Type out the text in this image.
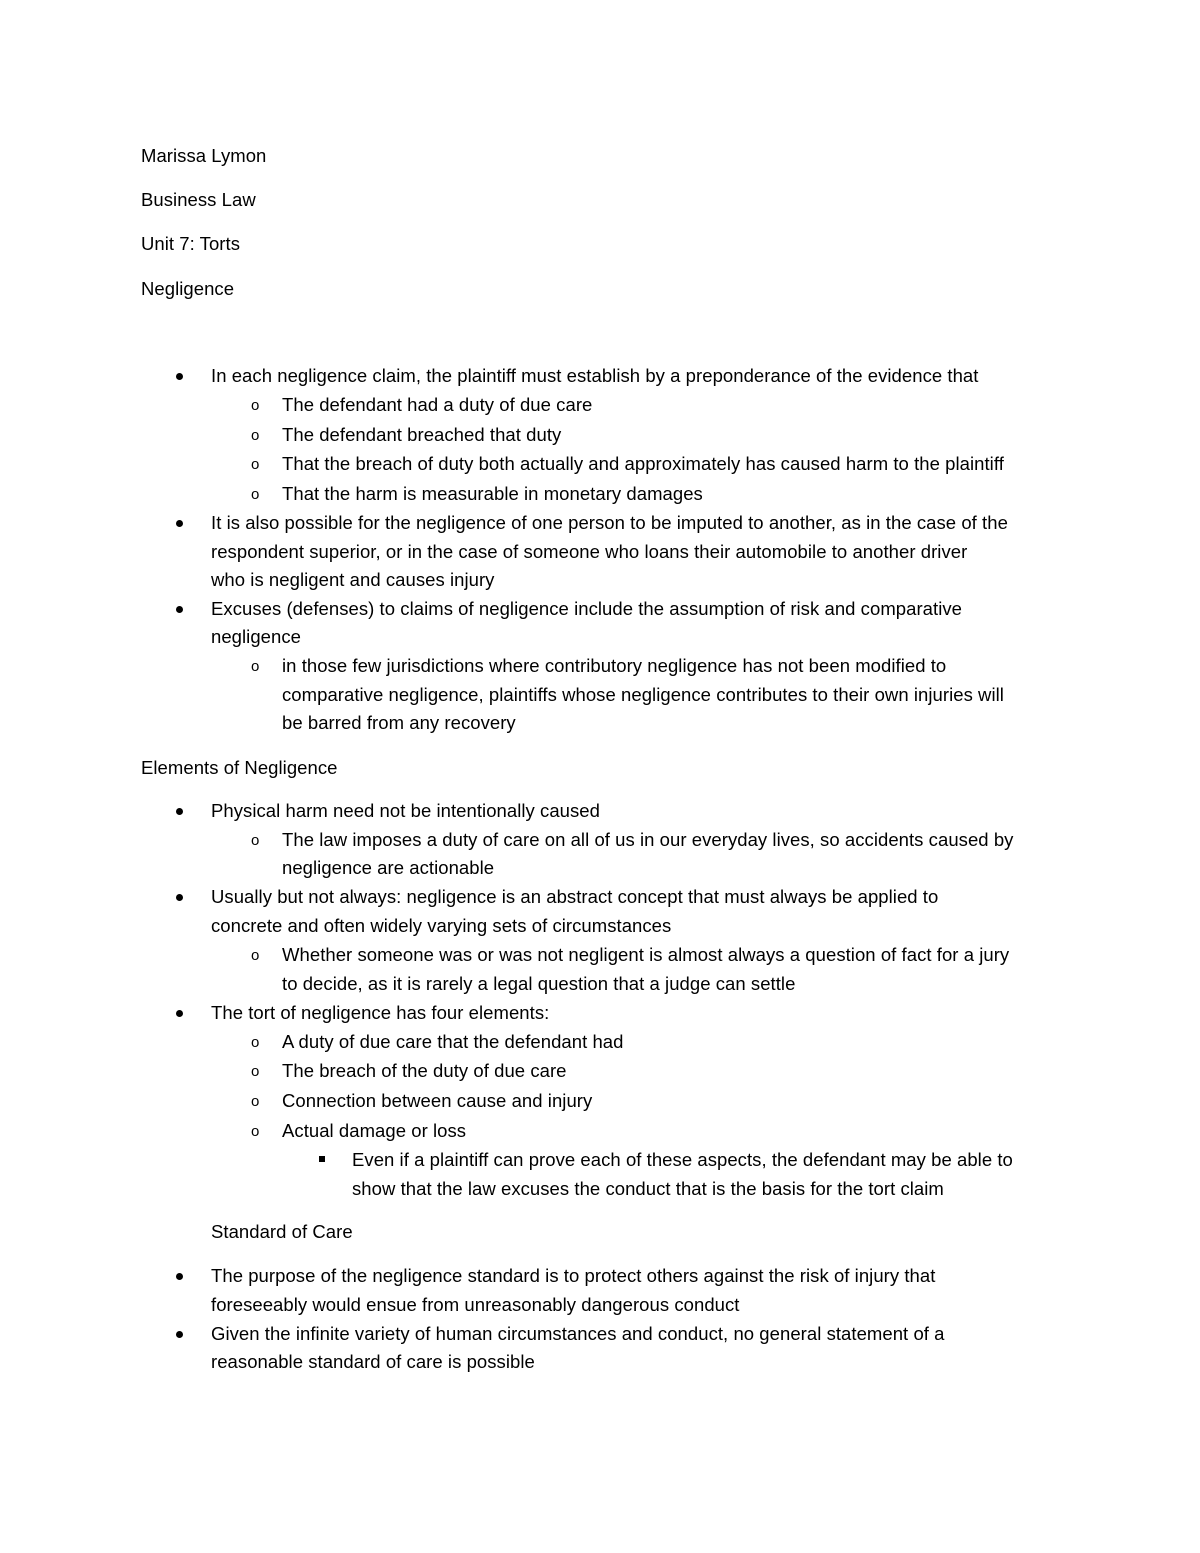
Marissa Lymon
Business Law
Unit 7: Torts
Negligence
In each negligence claim, the plaintiff must establish by a preponderance of the evidence that
o The defendant had a duty of due care
o The defendant breached that duty
o That the breach of duty both actually and approximately has caused harm to the plaintiff
o That the harm is measurable in monetary damages
It is also possible for the negligence of one person to be imputed to another, as in the case of the
respondent superior, or in the case of someone who loans their automobile to another driver
who is negligent and causes injury
Excuses (defenses) to claims of negligence include the assumption of risk and comparative
negligence
o in those few jurisdictions where contributory negligence has not been modified to
comparative negligence, plaintiffs whose negligence contributes to their own injuries will
be barred from any recovery
Elements of Negligence
Physical harm need not be intentionally caused
o The law imposes a duty of care on all of us in our everyday lives, so accidents caused by
negligence are actionable
Usually but not always: negligence is an abstract concept that must always be applied to
concrete and often widely varying sets of circumstances
o Whether someone was or was not negligent is almost always a question of fact for a jury
to decide, as it is rarely a legal question that a judge can settle
The tort of negligence has four elements:
o A duty of due care that the defendant had
o The breach of the duty of due care
o Connection between cause and injury
o Actual damage or loss
Even if a plaintiff can prove each of these aspects, the defendant may be able to
show that the law excuses the conduct that is the basis for the tort claim
Standard of Care
The purpose of the negligence standard is to protect others against the risk of injury that
foreseeably would ensue from unreasonably dangerous conduct
Given the infinite variety of human circumstances and conduct, no general statement of a
reasonable standard of care is possible
